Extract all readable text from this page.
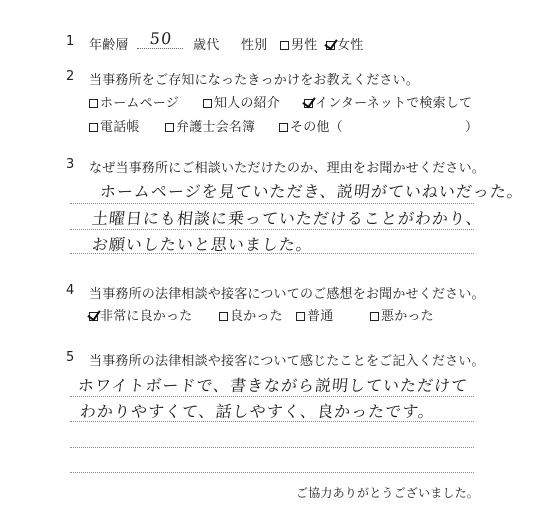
1 年齢層	50	歳代 性別	男性	女性
2 当事務所をご存知になったきっかけをお教えください。
ホームページ	知人の紹介	インターネットで検索して
電話帳	弁護士会名簿	その他（	）
3 なぜ当事務所にご相談いただけたのか、理由をお聞かせください。
ホームページを見ていただき、説明がていねいだった。
土曜日にも相談に乗っていただけることがわかり、
お願いしたいと思いました。
4 当事務所の法律相談や接客についてのご感想をお聞かせください。
非常に良かった	良かった	普通	悪かった
5 当事務所の法律相談や接客について感じたことをご記入ください。
ホワイトボードで、書きながら説明していただけて
わかりやすくて、話しやすく、良かったです。
ご協力ありがとうございました。
